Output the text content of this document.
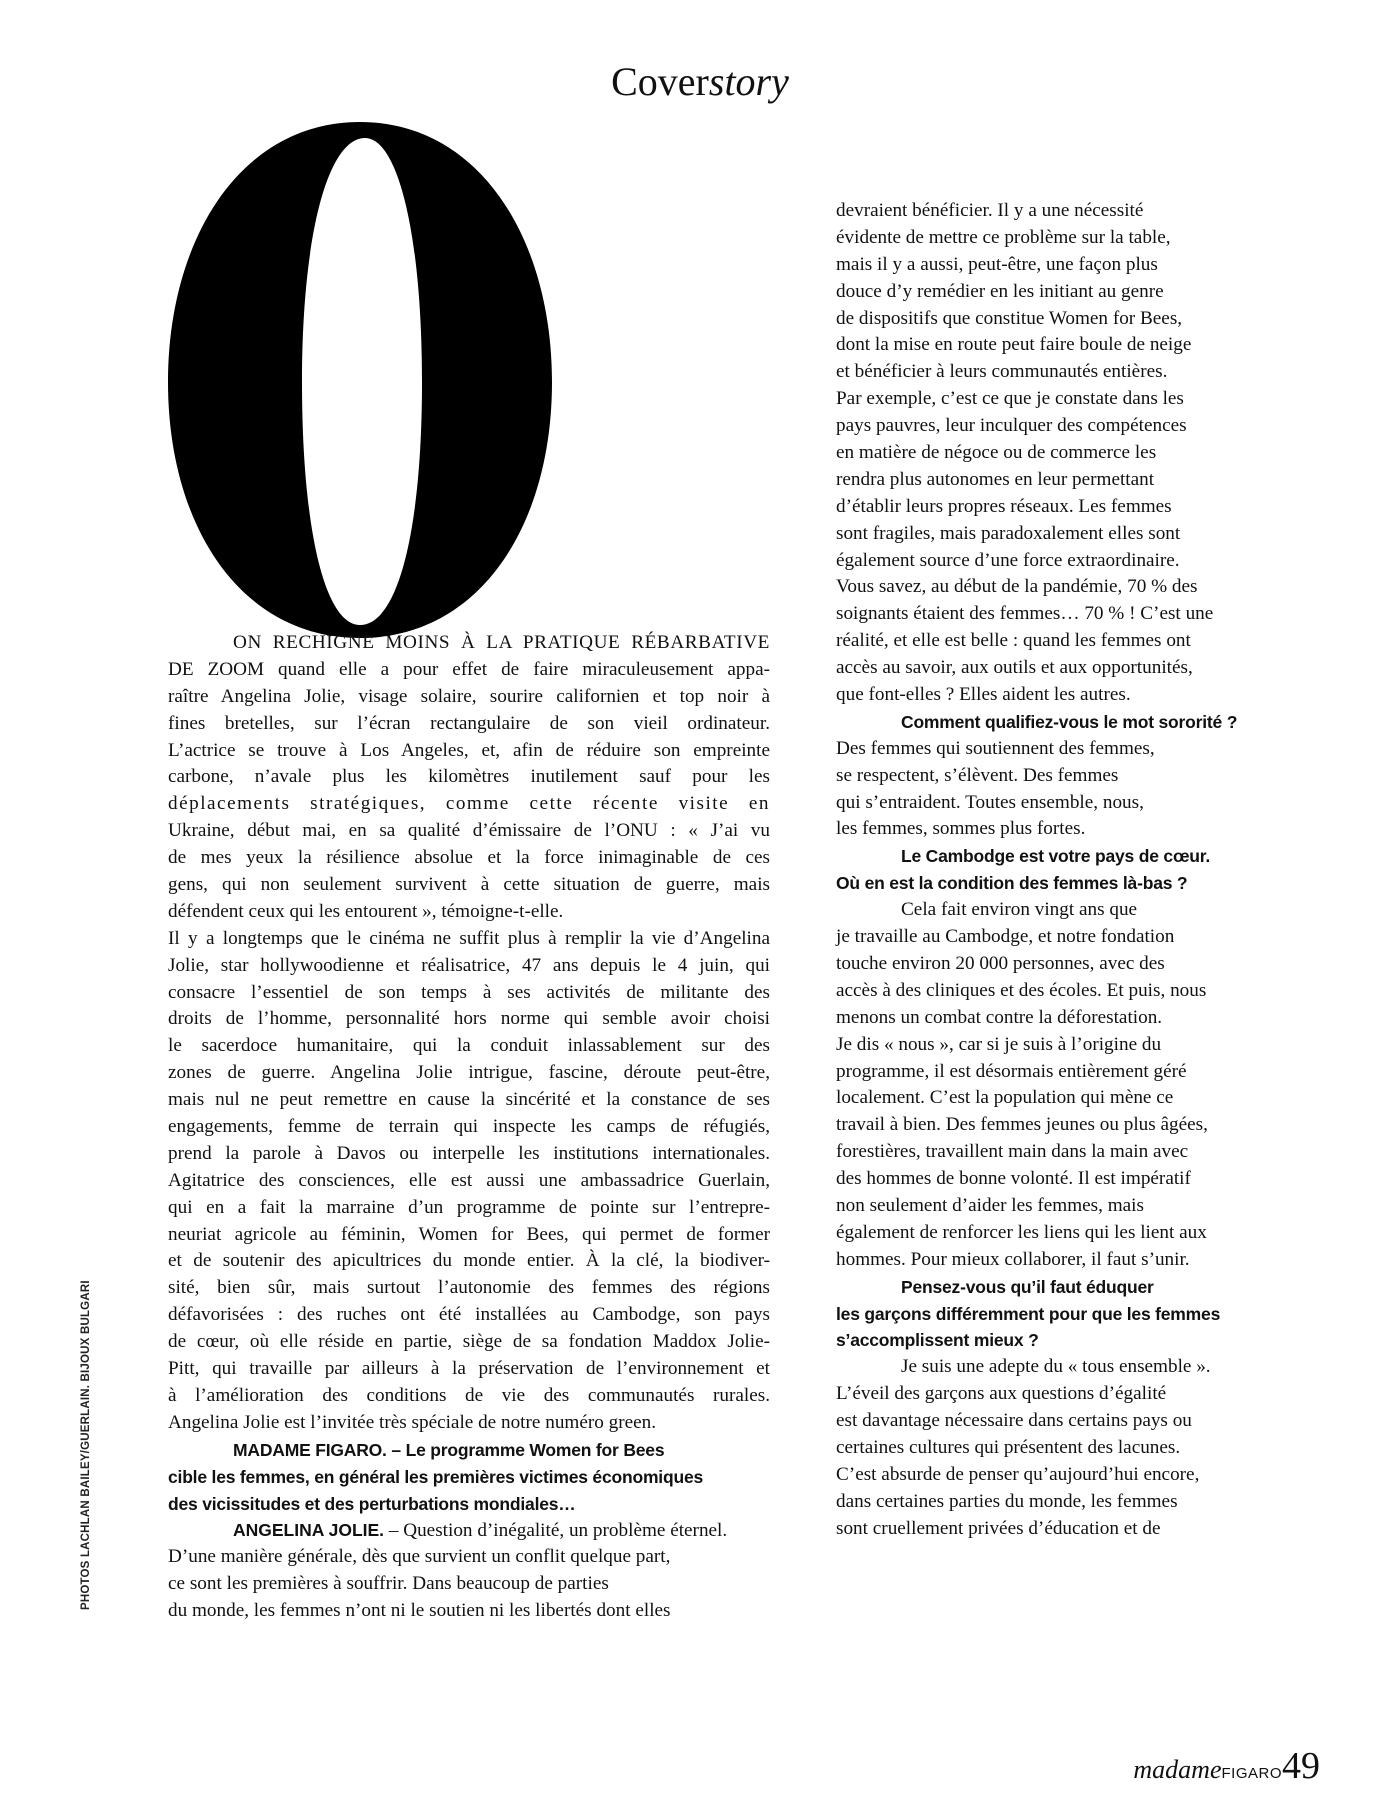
Coverstory
PHOTOS LACHLAN BAILEY/GUERLAIN. BIJOUX BULGARI
ON RECHIGNE MOINS À LA PRATIQUE RÉBARBATIVE
DE ZOOM quand elle a pour effet de faire miraculeusement appa-
raître Angelina Jolie, visage solaire, sourire californien et top noir à
fines bretelles, sur l’écran rectangulaire de son vieil ordinateur.
L’actrice se trouve à Los Angeles, et, afin de réduire son empreinte
carbone, n’avale plus les kilomètres inutilement sauf pour les
déplacements stratégiques, comme cette récente visite en
Ukraine, début mai, en sa qualité d’émissaire de l’ONU : « J’ai vu
de mes yeux la résilience absolue et la force inimaginable de ces
gens, qui non seulement survivent à cette situation de guerre, mais
défendent ceux qui les entourent », témoigne-t-elle.
Il y a longtemps que le cinéma ne suffit plus à remplir la vie d’Angelina
Jolie, star hollywoodienne et réalisatrice, 47 ans depuis le 4 juin, qui
consacre l’essentiel de son temps à ses activités de militante des
droits de l’homme, personnalité hors norme qui semble avoir choisi
le sacerdoce humanitaire, qui la conduit inlassablement sur des
zones de guerre. Angelina Jolie intrigue, fascine, déroute peut-être,
mais nul ne peut remettre en cause la sincérité et la constance de ses
engagements, femme de terrain qui inspecte les camps de réfugiés,
prend la parole à Davos ou interpelle les institutions internationales.
Agitatrice des consciences, elle est aussi une ambassadrice Guerlain,
qui en a fait la marraine d’un programme de pointe sur l’entrepre-
neuriat agricole au féminin, Women for Bees, qui permet de former
et de soutenir des apicultrices du monde entier. À la clé, la biodiver-
sité, bien sûr, mais surtout l’autonomie des femmes des régions
défavorisées : des ruches ont été installées au Cambodge, son pays
de cœur, où elle réside en partie, siège de sa fondation Maddox Jolie-
Pitt, qui travaille par ailleurs à la préservation de l’environnement et
à l’amélioration des conditions de vie des communautés rurales.
Angelina Jolie est l’invitée très spéciale de notre numéro green.
MADAME FIGARO. – Le programme Women for Bees
cible les femmes, en général les premières victimes économiques
des vicissitudes et des perturbations mondiales…
ANGELINA JOLIE. – Question d’inégalité, un problème éternel.
D’une manière générale, dès que survient un conflit quelque part,
ce sont les premières à souffrir. Dans beaucoup de parties
du monde, les femmes n’ont ni le soutien ni les libertés dont elles
devraient bénéficier. Il y a une nécessité
évidente de mettre ce problème sur la table,
mais il y a aussi, peut-être, une façon plus
douce d’y remédier en les initiant au genre
de dispositifs que constitue Women for Bees,
dont la mise en route peut faire boule de neige
et bénéficier à leurs communautés entières.
Par exemple, c’est ce que je constate dans les
pays pauvres, leur inculquer des compétences
en matière de négoce ou de commerce les
rendra plus autonomes en leur permettant
d’établir leurs propres réseaux. Les femmes
sont fragiles, mais paradoxalement elles sont
également source d’une force extraordinaire.
Vous savez, au début de la pandémie, 70 % des
soignants étaient des femmes… 70 % ! C’est une
réalité, et elle est belle : quand les femmes ont
accès au savoir, aux outils et aux opportunités,
que font-elles ? Elles aident les autres.
Comment qualifiez-vous le mot sororité ?
Des femmes qui soutiennent des femmes,
se respectent, s’élèvent. Des femmes
qui s’entraident. Toutes ensemble, nous,
les femmes, sommes plus fortes.
Le Cambodge est votre pays de cœur.
Où en est la condition des femmes là-bas ?
Cela fait environ vingt ans que
je travaille au Cambodge, et notre fondation
touche environ 20 000 personnes, avec des
accès à des cliniques et des écoles. Et puis, nous
menons un combat contre la déforestation.
Je dis « nous », car si je suis à l’origine du
programme, il est désormais entièrement géré
localement. C’est la population qui mène ce
travail à bien. Des femmes jeunes ou plus âgées,
forestières, travaillent main dans la main avec
des hommes de bonne volonté. Il est impératif
non seulement d’aider les femmes, mais
également de renforcer les liens qui les lient aux
hommes. Pour mieux collaborer, il faut s’unir.
Pensez-vous qu’il faut éduquer
les garçons différemment pour que les femmes
s’accomplissent mieux ?
Je suis une adepte du « tous ensemble ».
L’éveil des garçons aux questions d’égalité
est davantage nécessaire dans certains pays ou
certaines cultures qui présentent des lacunes.
C’est absurde de penser qu’aujourd’hui encore,
dans certaines parties du monde, les femmes
sont cruellement privées d’éducation et de
madameFIGARO49
